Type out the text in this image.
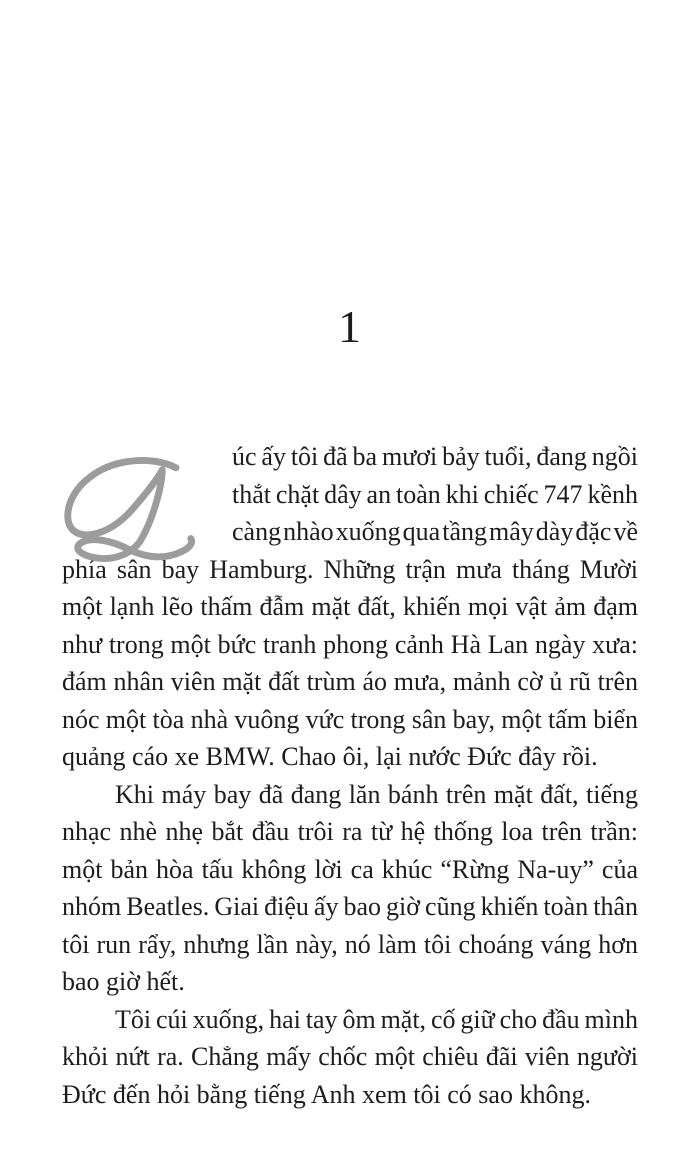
1
úc ấy tôi đã ba mươi bảy tuổi, đang ngồi
thắt chặt dây an toàn khi chiếc 747 kềnh
càng nhào xuống qua tầng mây dày đặc về
phía sân bay Hamburg. Những trận mưa tháng Mười
một lạnh lẽo thấm đẫm mặt đất, khiến mọi vật ảm đạm
như trong một bức tranh phong cảnh Hà Lan ngày xưa:
đám nhân viên mặt đất trùm áo mưa, mảnh cờ ủ rũ trên
nóc một tòa nhà vuông vức trong sân bay, một tấm biển
quảng cáo xe BMW. Chao ôi, lại nước Đức đây rồi.
Khi máy bay đã đang lăn bánh trên mặt đất, tiếng
nhạc nhè nhẹ bắt đầu trôi ra từ hệ thống loa trên trần:
một bản hòa tấu không lời ca khúc “Rừng Na-uy” của
nhóm Beatles. Giai điệu ấy bao giờ cũng khiến toàn thân
tôi run rẩy, nhưng lần này, nó làm tôi choáng váng hơn
bao giờ hết.
Tôi cúi xuống, hai tay ôm mặt, cố giữ cho đầu mình
khỏi nứt ra. Chẳng mấy chốc một chiêu đãi viên người
Đức đến hỏi bằng tiếng Anh xem tôi có sao không.
